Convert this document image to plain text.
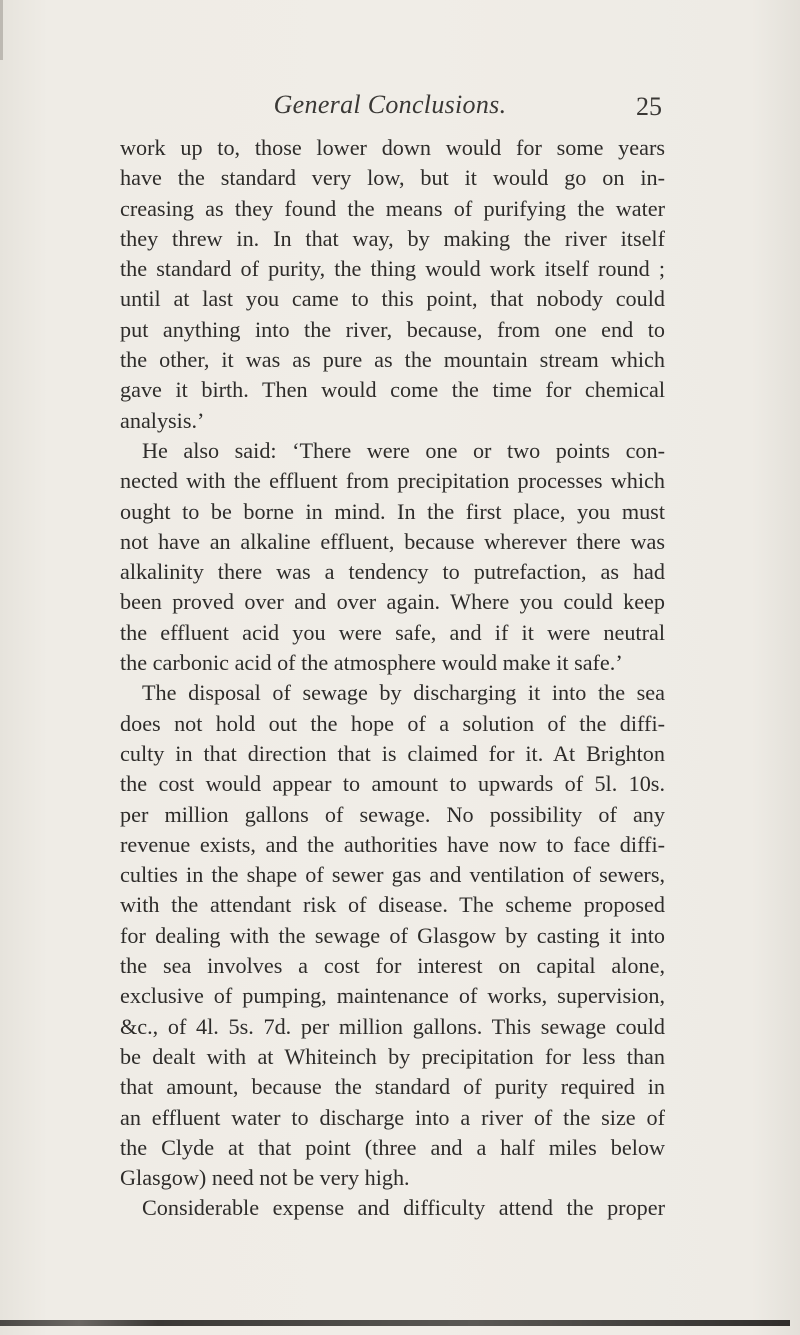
General Conclusions.	25
work up to, those lower down would for some years
have the standard very low, but it would go on in-
creasing as they found the means of purifying the water
they threw in. In that way, by making the river itself
the standard of purity, the thing would work itself round ;
until at last you came to this point, that nobody could
put anything into the river, because, from one end to
the other, it was as pure as the mountain stream which
gave it birth. Then would come the time for chemical
analysis.’
He also said: ‘There were one or two points con-
nected with the effluent from precipitation processes which
ought to be borne in mind. In the first place, you must
not have an alkaline effluent, because wherever there was
alkalinity there was a tendency to putrefaction, as had
been proved over and over again. Where you could keep
the effluent acid you were safe, and if it were neutral
the carbonic acid of the atmosphere would make it safe.’
The disposal of sewage by discharging it into the sea
does not hold out the hope of a solution of the diffi-
culty in that direction that is claimed for it. At Brighton
the cost would appear to amount to upwards of 5l. 10s.
per million gallons of sewage. No possibility of any
revenue exists, and the authorities have now to face diffi-
culties in the shape of sewer gas and ventilation of sewers,
with the attendant risk of disease. The scheme proposed
for dealing with the sewage of Glasgow by casting it into
the sea involves a cost for interest on capital alone,
exclusive of pumping, maintenance of works, supervision,
&c., of 4l. 5s. 7d. per million gallons. This sewage could
be dealt with at Whiteinch by precipitation for less than
that amount, because the standard of purity required in
an effluent water to discharge into a river of the size of
the Clyde at that point (three and a half miles below
Glasgow) need not be very high.
Considerable expense and difficulty attend the proper
